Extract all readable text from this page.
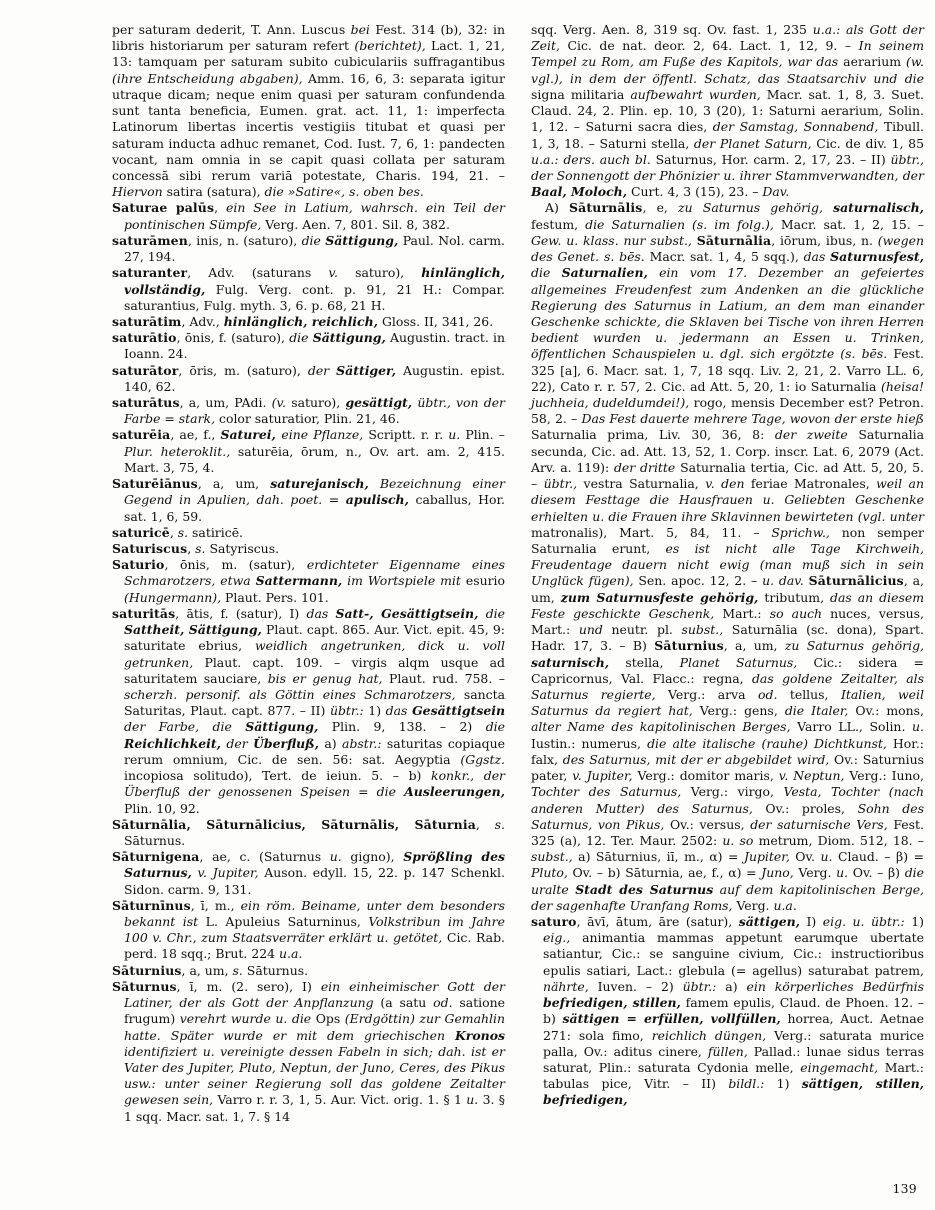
per saturam dederit, T. Ann. Luscus bei Fest. 314 (b), 32: in libris historiarum per saturam refert (berichtet), Lact. 1, 21, 13: tamquam per saturam subito cubiculariis suffragantibus (ihre Entscheidung abgaben), Amm. 16, 6, 3: separata igitur utraque dicam; neque enim quasi per saturam confundenda sunt tanta beneficia, Eumen. grat. act. 11, 1: imperfecta Latinorum libertas incertis vestigiis titubat et quasi per saturam inducta adhuc remanet, Cod. Iust. 7, 6, 1: pandecten vocant, nam omnia in se capit quasi collata per saturam concessā sibi rerum variā potestate, Charis. 194, 21. – Hiervon satira (satura), die »Satire«, s. oben bes.

Saturae palūs, ein See in Latium, wahrsch. ein Teil der pontinischen Sümpfe, Verg. Aen. 7, 801. Sil. 8, 382.

saturāmen, inis, n. (saturo), die Sättigung, Paul. Nol. carm. 27, 194.

saturanter, Adv. (saturans v. saturo), hinlänglich, vollständig, Fulg. Verg. cont. p. 91, 21 H.: Compar. saturantius, Fulg. myth. 3, 6. p. 68, 21 H.

saturātim, Adv., hinlänglich, reichlich, Gloss. II, 341, 26.

saturātio, ōnis, f. (saturo), die Sättigung, Augustin. tract. in Ioann. 24.

saturātor, ōris, m. (saturo), der Sättiger, Augustin. epist. 140, 62.

saturātus, a, um, PAdi. (v. saturo), gesättigt, übtr., von der Farbe = stark, color saturatior, Plin. 21, 46.

saturēia, ae, f., Saturei, eine Pflanze, Scriptt. r. r. u. Plin. – Plur. heteroklit., saturēia, ōrum, n., Ov. art. am. 2, 415. Mart. 3, 75, 4.

Saturēiānus, a, um, saturejanisch, Bezeichnung einer Gegend in Apulien, dah. poet. = apulisch, caballus, Hor. sat. 1, 6, 59.

saturicē, s. satiricē.

Saturiscus, s. Satyriscus.

Saturio, ōnis, m. (satur), erdichteter Eigenname eines Schmarotzers, etwa Sattermann, im Wortspiele mit esurio (Hungermann), Plaut. Pers. 101.

saturitās, ātis, f. (satur), I) das Satt-, Gesättigtsein, die Sattheit, Sättigung, Plaut. capt. 865. Aur. Vict. epit. 45, 9: saturitate ebrius, weidlich angetrunken, dick u. voll getrunken, Plaut. capt. 109. – virgis alqm usque ad saturitatem sauciare, bis er genug hat, Plaut. rud. 758. – scherzh. personif. als Göttin eines Schmarotzers, sancta Saturitas, Plaut. capt. 877. – II) übtr.: 1) das Gesättigtsein der Farbe, die Sättigung, Plin. 9, 138. – 2) die Reichlichkeit, der Überfluß, a) abstr.: saturitas copiaque rerum omnium, Cic. de sen. 56: sat. Aegyptia (Ggstz. incopiosa solitudo), Tert. de ieiun. 5. – b) konkr., der Überfluß der genossenen Speisen = die Ausleerungen, Plin. 10, 92.

Sāturnālia, Sāturnālicius, Sāturnālis, Sāturnia, s. Sāturnus.

Sāturnigena, ae, c. (Saturnus u. gigno), Sprößling des Saturnus, v. Jupiter, Auson. edyll. 15, 22. p. 147 Schenkl. Sidon. carm. 9, 131.

Sāturnīnus, ī, m., ein röm. Beiname, unter dem besonders bekannt ist L. Apuleius Saturninus, Volkstribun im Jahre 100 v. Chr., zum Staatsverräter erklärt u. getötet, Cic. Rab. perd. 18 sqq.; Brut. 224 u.a.

Sāturnius, a, um, s. Sāturnus.

Sāturnus, ī, m. (2. sero), I) ein einheimischer Gott der Latiner, der als Gott der Anpflanzung (a satu od. satione frugum) verehrt wurde u. die Ops (Erdgöttin) zur Gemahlin hatte. Später wurde er mit dem griechischen Kronos identifiziert u. vereinigte dessen Fabeln in sich; dah. ist er Vater des Jupiter, Pluto, Neptun, der Juno, Ceres, des Pikus usw.: unter seiner Regierung soll das goldene Zeitalter gewesen sein, Varro r. r. 3, 1, 5. Aur. Vict. orig. 1. § 1 u. 3. § 1 sqq. Macr. sat. 1, 7. § 14

sqq. Verg. Aen. 8, 319 sq. Ov. fast. 1, 235 u.a.: als Gott der Zeit, Cic. de nat. deor. 2, 64. Lact. 1, 12, 9. – In seinem Tempel zu Rom, am Fuße des Kapitols, war das aerarium (w. vgl.), in dem der öffentl. Schatz, das Staatsarchiv und die signa militaria aufbewahrt wurden, Macr. sat. 1, 8, 3. Suet. Claud. 24, 2. Plin. ep. 10, 3 (20), 1: Saturni aerarium, Solin. 1, 12. – Saturni sacra dies, der Samstag, Sonnabend, Tibull. 1, 3, 18. – Saturni stella, der Planet Saturn, Cic. de div. 1, 85 u.a.: ders. auch bl. Saturnus, Hor. carm. 2, 17, 23. – II) übtr., der Sonnengott der Phönizier u. ihrer Stammverwandten, der Baal, Moloch, Curt. 4, 3 (15), 23. – Dav.

A) Sāturnālis, e, zu Saturnus gehörig, saturnalisch, festum, die Saturnalien (s. im folg.), Macr. sat. 1, 2, 15. – Gew. u. klass. nur subst., Sāturnālia, iōrum, ibus, n. (wegen des Genet. s. bēs. Macr. sat. 1, 4, 5 sqq.), das Saturnusfest, die Saturnalien, ein vom 17. Dezember an gefeiertes allgemeines Freudenfest zum Andenken an die glückliche Regierung des Saturnus in Latium, an dem man einander Geschenke schickte, die Sklaven bei Tische von ihren Herren bedient wurden u. jedermann an Essen u. Trinken, öffentlichen Schauspielen u. dgl. sich ergötzte (s. bēs. Fest. 325 [a], 6. Macr. sat. 1, 7, 18 sqq. Liv. 2, 21, 2. Varro LL. 6, 22), Cato r. r. 57, 2. Cic. ad Att. 5, 20, 1: io Saturnalia (heisa! juchheia, dudeldumdei!), rogo, mensis December est? Petron. 58, 2. – Das Fest dauerte mehrere Tage, wovon der erste hieß Saturnalia prima, Liv. 30, 36, 8: der zweite Saturnalia secunda, Cic. ad. Att. 13, 52, 1. Corp. inscr. Lat. 6, 2079 (Act. Arv. a. 119): der dritte Saturnalia tertia, Cic. ad Att. 5, 20, 5. – übtr., vestra Saturnalia, v. den feriae Matronales, weil an diesem Festtage die Hausfrauen u. Geliebten Geschenke erhielten u. die Frauen ihre Sklavinnen bewirteten (vgl. unter matronalis), Mart. 5, 84, 11. – Sprichw., non semper Saturnalia erunt, es ist nicht alle Tage Kirchweih, Freudentage dauern nicht ewig (man muß sich in sein Unglück fügen), Sen. apoc. 12, 2. – u. dav. Sāturnālicius, a, um, zum Saturnusfeste gehörig, tributum, das an diesem Feste geschickte Geschenk, Mart.: so auch nuces, versus, Mart.: und neutr. pl. subst., Saturnālia (sc. dona), Spart. Hadr. 17, 3. – B) Sāturnius, a, um, zu Saturnus gehörig, saturnisch, stella, Planet Saturnus, Cic.: sidera = Capricornus, Val. Flacc.: regna, das goldene Zeitalter, als Saturnus regierte, Verg.: arva od. tellus, Italien, weil Saturnus da regiert hat, Verg.: gens, die Italer, Ov.: mons, alter Name des kapitolinischen Berges, Varro LL., Solin. u. Iustin.: numerus, die alte italische (rauhe) Dichtkunst, Hor.: falx, des Saturnus, mit der er abgebildet wird, Ov.: Saturnius pater, v. Jupiter, Verg.: domitor maris, v. Neptun, Verg.: Iuno, Tochter des Saturnus, Verg.: virgo, Vesta, Tochter (nach anderen Mutter) des Saturnus, Ov.: proles, Sohn des Saturnus, von Pikus, Ov.: versus, der saturnische Vers, Fest. 325 (a), 12. Ter. Maur. 2502: u. so metrum, Diom. 512, 18. – subst., a) Sāturnius, iī, m., α) = Jupiter, Ov. u. Claud. – β) = Pluto, Ov. – b) Sāturnia, ae, f., α) = Juno, Verg. u. Ov. – β) die uralte Stadt des Saturnus auf dem kapitolinischen Berge, der sagenhafte Uranfang Roms, Verg. u.a.

saturo, āvī, ātum, āre (satur), sättigen, I) eig. u. übtr.: 1) eig., animantia mammas appetunt earumque ubertate satiantur, Cic.: se sanguine civium, Cic.: instructioribus epulis satiari, Lact.: glebula (= agellus) saturabat patrem, nährte, Iuven. – 2) übtr.: a) ein körperliches Bedürfnis befriedigen, stillen, famem epulis, Claud. de Phoen. 12. – b) sättigen = erfüllen, vollfüllen, horrea, Auct. Aetnae 271: sola fimo, reichlich düngen, Verg.: saturata murice palla, Ov.: aditus cinere, füllen, Pallad.: lunae sidus terras saturat, Plin.: saturata Cydonia melle, eingemacht, Mart.: tabulas pice, Vitr. – II) bildl.: 1) sättigen, stillen, befriedigen,

139
